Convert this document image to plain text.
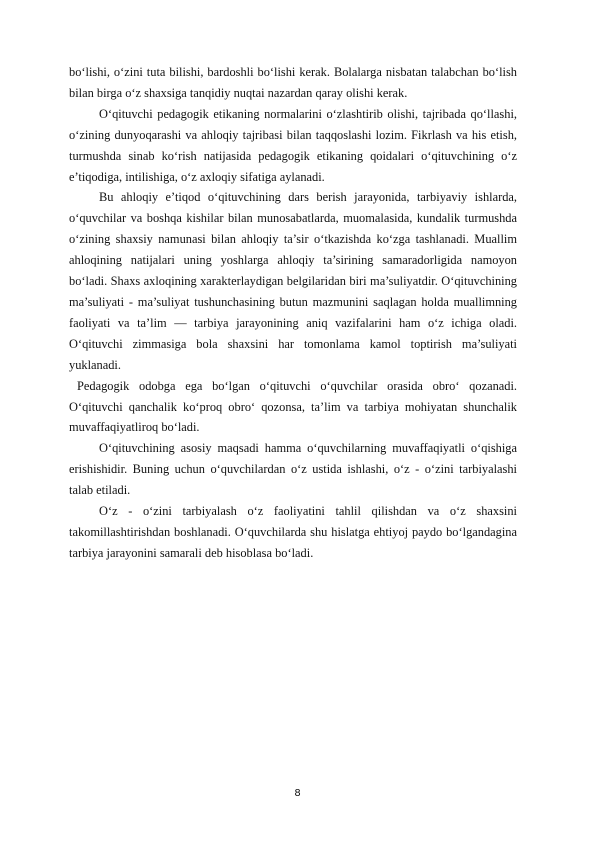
bo‘lishi, o‘zini tuta bilishi, bardoshli bo‘lishi kerak. Bolalarga nisbatan talabchan bo‘lish bilan birga o‘z shaxsiga tanqidiy nuqtai nazardan qaray olishi kerak.

O‘qituvchi pedagogik etikaning normalarini o‘zlashtirib olishi, tajribada qo‘llashi, o‘zining dunyoqarashi va ahloqiy tajribasi bilan taqqoslashi lozim. Fikrlash va his etish, turmushda sinab ko‘rish natijasida pedagogik etikaning qoidalari o‘qituvchining o‘z e’tiqodiga, intilishiga, o‘z axloqiy sifatiga aylanadi.

Bu ahloqiy e’tiqod o‘qituvchining dars berish jarayonida, tarbiyaviy ishlarda, o‘quvchilar va boshqa kishilar bilan munosabatlarda, muomalasida, kundalik turmushda o‘zining shaxsiy namunasi bilan ahloqiy ta’sir o‘tkazishda ko‘zga tashlanadi. Muallim ahloqining natijalari uning yoshlarga ahloqiy ta’sirining samaradorligida namoyon bo‘ladi. Shaxs axloqining xarakterlaydigan belgilaridan biri ma’suliyatdir. O‘qituvchining ma’suliyati - ma’suliyat tushunchasining butun mazmunini saqlagan holda muallimning faoliyati va ta’lim — tarbiya jarayonining aniq vazifalarini ham o‘z ichiga oladi. O‘qituvchi zimmasiga bola shaxsini har tomonlama kamol toptirish ma’suliyati yuklanadi.

Pedagogik odobga ega bo‘lgan o‘qituvchi o‘quvchilar orasida obro‘ qozanadi. O‘qituvchi qanchalik ko‘proq obro‘ qozonsa, ta’lim va tarbiya mohiyatan shunchalik muvaffaqiyatliroq bo‘ladi.

O‘qituvchining asosiy maqsadi hamma o‘quvchilarning muvaffaqiyatli o‘qishiga erishishidir. Buning uchun o‘quvchilardan o‘z ustida ishlashi, o‘z - o‘zini tarbiyalashi talab etiladi.

O‘z - o‘zini tarbiyalash o‘z faoliyatini tahlil qilishdan va o‘z shaxsini takomillashtirishdan boshlanadi. O‘quvchilarda shu hislatga ehtiyoj paydo bo‘lgandagina tarbiya jarayonini samarali deb hisoblasa bo‘ladi.

8
